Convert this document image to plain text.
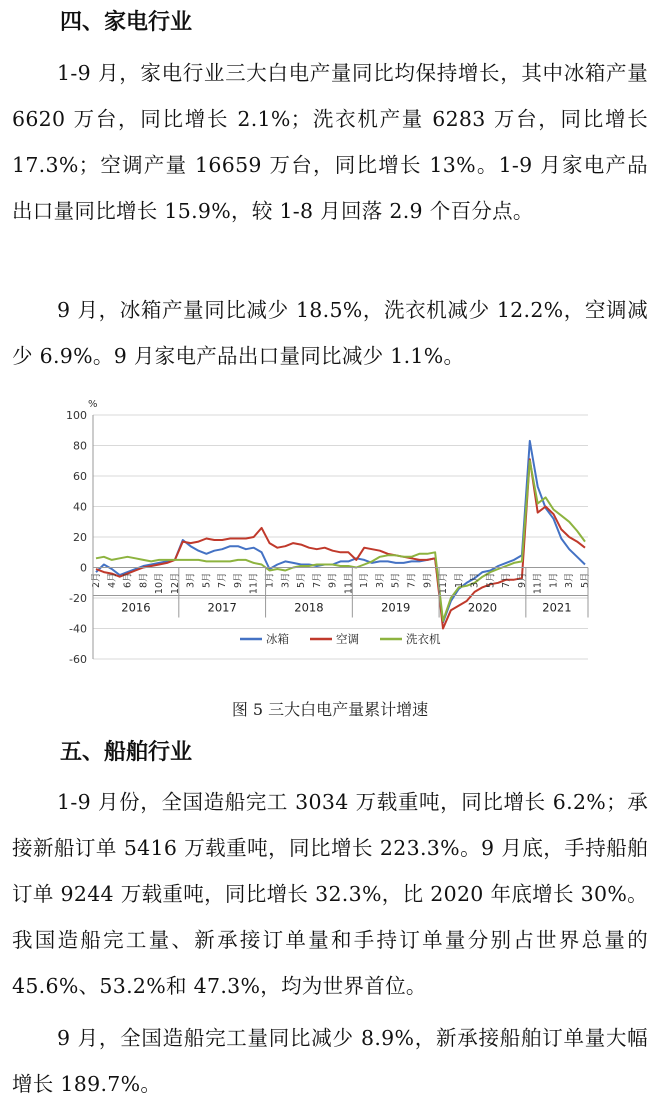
四、家电行业

1-9 月，家电行业三大白电产量同比均保持增长，其中冰箱产量 6620 万台，同比增长 2.1%；洗衣机产量 6283 万台，同比增长 17.3%；空调产量 16659 万台，同比增长 13%。1-9 月家电产品出口量同比增长 15.9%，较 1-8 月回落 2.9 个百分点。

9 月，冰箱产量同比减少 18.5%，洗衣机减少 12.2%，空调减少 6.9%。9 月家电产品出口量同比减少 1.1%。

100
80
60
40
20
0
-20
-40
-60
%
2月 4月 6月 8月 10月 12月 3月 5月 7月 9月 11月 1月 3月 5月 7月 9月 11月 1月 3月 5月 7月 9月 11月 1月 3月 5月 7月 9月 11月 1月 3月 5月
2016	2017	2018	2019	2020	2021
冰箱	空调	洗衣机
图 5 三大白电产量累计增速
五、船舶行业

1-9 月份，全国造船完工 3034 万载重吨，同比增长 6.2%；承接新船订单 5416 万载重吨，同比增长 223.3%。9 月底，手持船舶订单 9244 万载重吨，同比增长 32.3%，比 2020 年底增长 30%。我国造船完工量、新承接订单量和手持订单量分别占世界总量的 45.6%、53.2%和 47.3%，均为世界首位。

9 月，全国造船完工量同比减少 8.9%，新承接船舶订单量大幅增长 189.7%。
